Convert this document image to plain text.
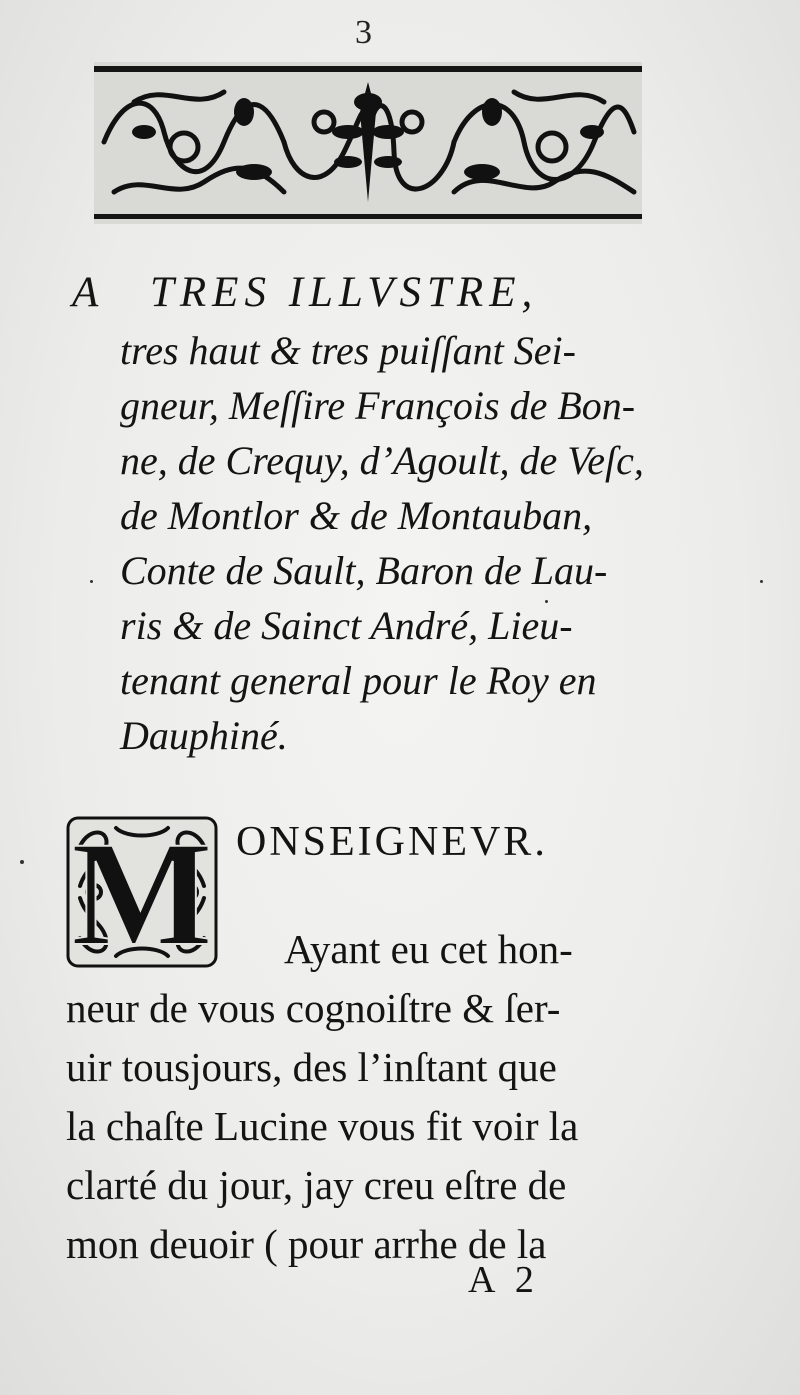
3
A	TRES ILLVSTRE,
tres haut & tres puiſſant Sei-
gneur, Meſſire François de Bon-
ne, de Crequy, d’Agoult, de Veſc,
de Montlor & de Montauban,
Conte de Sault, Baron de Lau-
ris & de Sainct André, Lieu-
tenant general pour le Roy en
Dauphiné.
M ONSEIGNEVR.
Ayant eu cet hon-
neur de vous cognoiſtre & ſer-
uir tousjours, des l’inſtant que
la chaſte Lucine vous fit voir la
clarté du jour, jay creu eſtre de
mon deuoir ( pour arrhe de la
A 2
